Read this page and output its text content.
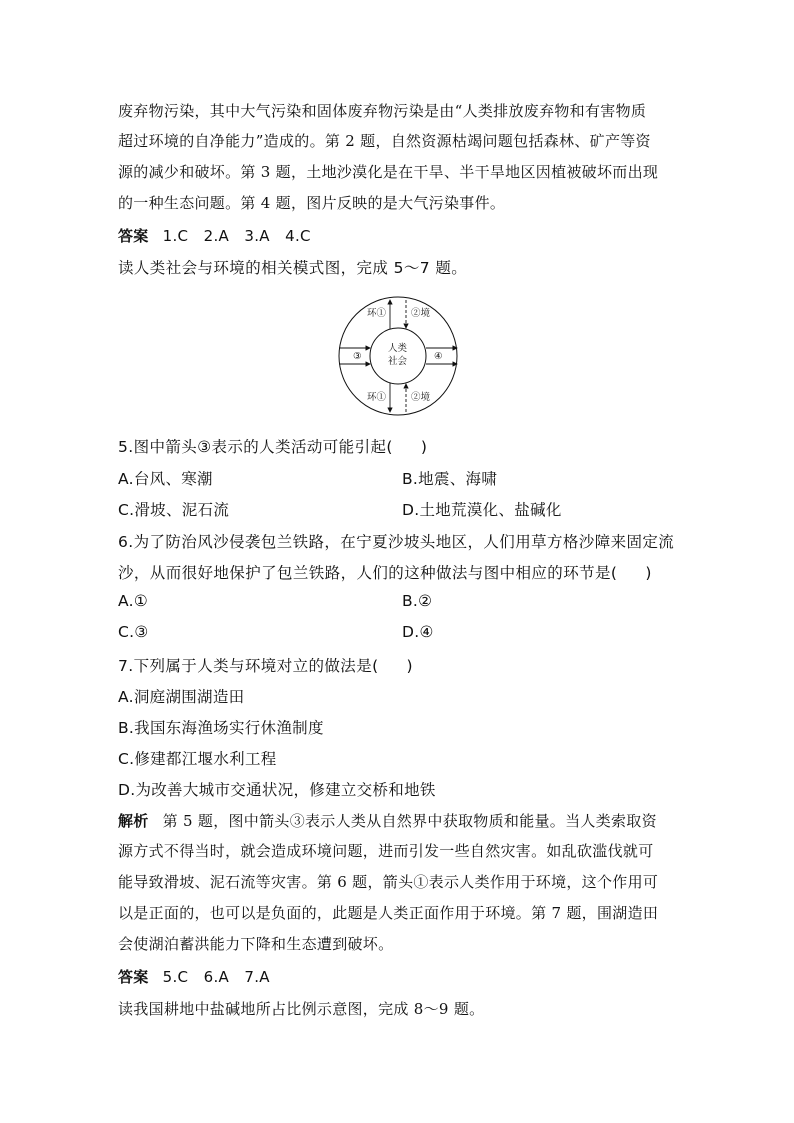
废弃物污染，其中大气污染和固体废弃物污染是由“人类排放废弃物和有害物质
超过环境的自净能力”造成的。第 2 题，自然资源枯竭问题包括森林、矿产等资
源的减少和破坏。第 3 题，土地沙漠化是在干旱、半干旱地区因植被破坏而出现
的一种生态问题。第 4 题，图片反映的是大气污染事件。
答案 1.C　2.A　3.A　4.C
读人类社会与环境的相关模式图，完成 5～7 题。
环①	②境
③	④
人类
社会
环①	②境
5.图中箭头③表示的人类活动可能引起( )
A.台风、寒潮	B.地震、海啸
C.滑坡、泥石流	D.土地荒漠化、盐碱化
6.为了防治风沙侵袭包兰铁路，在宁夏沙坡头地区，人们用草方格沙障来固定流
沙，从而很好地保护了包兰铁路，人们的这种做法与图中相应的环节是( )
A.①	B.②
C.③	D.④
7.下列属于人类与环境对立的做法是( )
A.洞庭湖围湖造田
B.我国东海渔场实行休渔制度
C.修建都江堰水利工程
D.为改善大城市交通状况，修建立交桥和地铁
解析 第 5 题，图中箭头③表示人类从自然界中获取物质和能量。当人类索取资
源方式不得当时，就会造成环境问题，进而引发一些自然灾害。如乱砍滥伐就可
能导致滑坡、泥石流等灾害。第 6 题，箭头①表示人类作用于环境，这个作用可
以是正面的，也可以是负面的，此题是人类正面作用于环境。第 7 题，围湖造田
会使湖泊蓄洪能力下降和生态遭到破坏。
答案 5.C　6.A　7.A
读我国耕地中盐碱地所占比例示意图，完成 8～9 题。
